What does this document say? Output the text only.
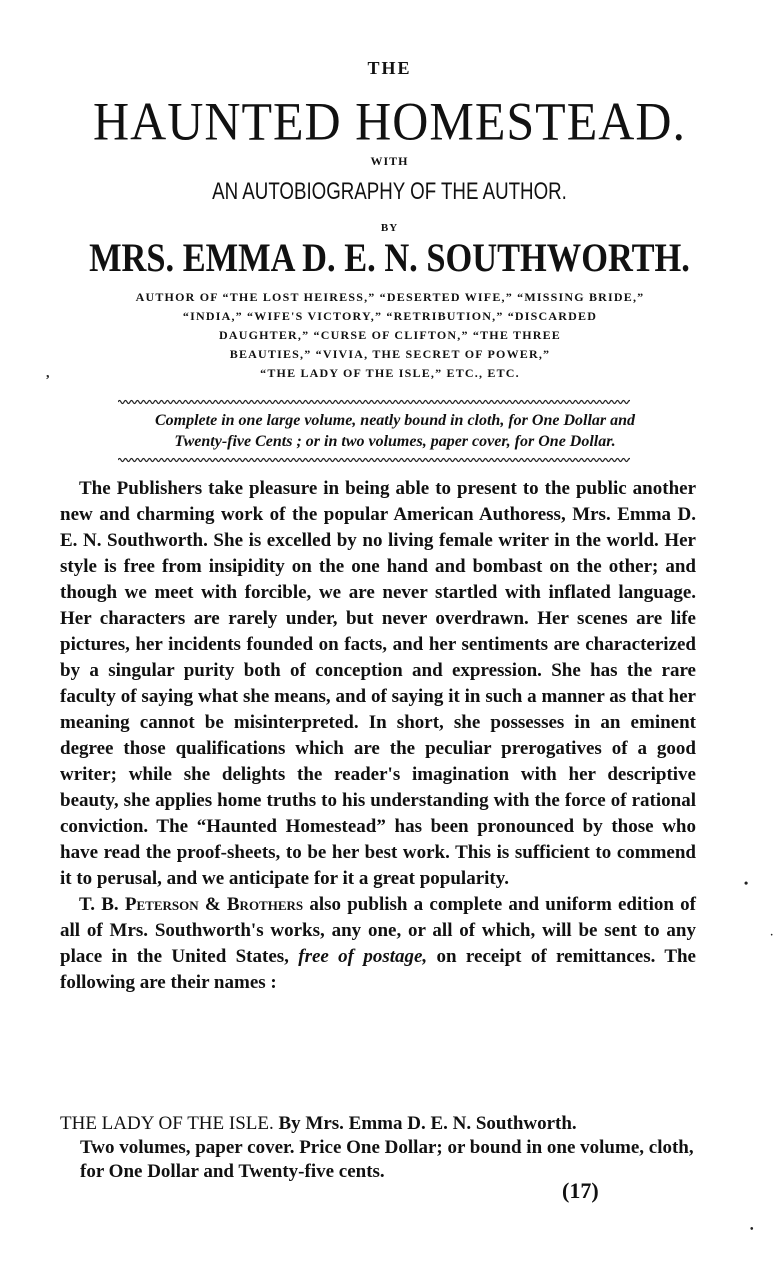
THE
HAUNTED HOMESTEAD.
WITH
AN AUTOBIOGRAPHY OF THE AUTHOR.
BY
MRS. EMMA D. E. N. SOUTHWORTH.
AUTHOR OF “THE LOST HEIRESS,” “DESERTED WIFE,” “MISSING BRIDE,”
“INDIA,” “WIFE'S VICTORY,” “RETRIBUTION,” “DISCARDED
DAUGHTER,” “CURSE OF CLIFTON,” “THE THREE
BEAUTIES,” “VIVIA, THE SECRET OF POWER,”
“THE LADY OF THE ISLE,” ETC., ETC.
Complete in one large volume, neatly bound in cloth, for One Dollar and
Twenty-five Cents ; or in two volumes, paper cover, for One Dollar.

The Publishers take pleasure in being able to present to the public another new and charming work of the popular American Authoress, Mrs. Emma D. E. N. Southworth. She is excelled by no living female writer in the world. Her style is free from insipidity on the one hand and bombast on the other; and though we meet with forcible, we are never startled with inflated language. Her characters are rarely under, but never overdrawn. Her scenes are life pictures, her incidents founded on facts, and her sentiments are characterized by a singular purity both of conception and expression. She has the rare faculty of saying what she means, and of saying it in such a manner as that her meaning cannot be misinterpreted. In short, she possesses in an eminent degree those qualifications which are the peculiar prerogatives of a good writer; while she delights the reader's imagination with her descriptive beauty, she applies home truths to his understanding with the force of rational conviction. The “Haunted Homestead” has been pronounced by those who have read the proof-sheets, to be her best work. This is sufficient to commend it to perusal, and we anticipate for it a great popularity.

T. B. Peterson & Brothers also publish a complete and uniform edition of all of Mrs. Southworth's works, any one, or all of which, will be sent to any place in the United States, free of postage, on receipt of remittances. The following are their names :

THE LADY OF THE ISLE. By Mrs. Emma D. E. N. Southworth.
Two volumes, paper cover. Price One Dollar; or bound in one volume, cloth, for One Dollar and Twenty-five cents.
(17)
,
•
·
•
